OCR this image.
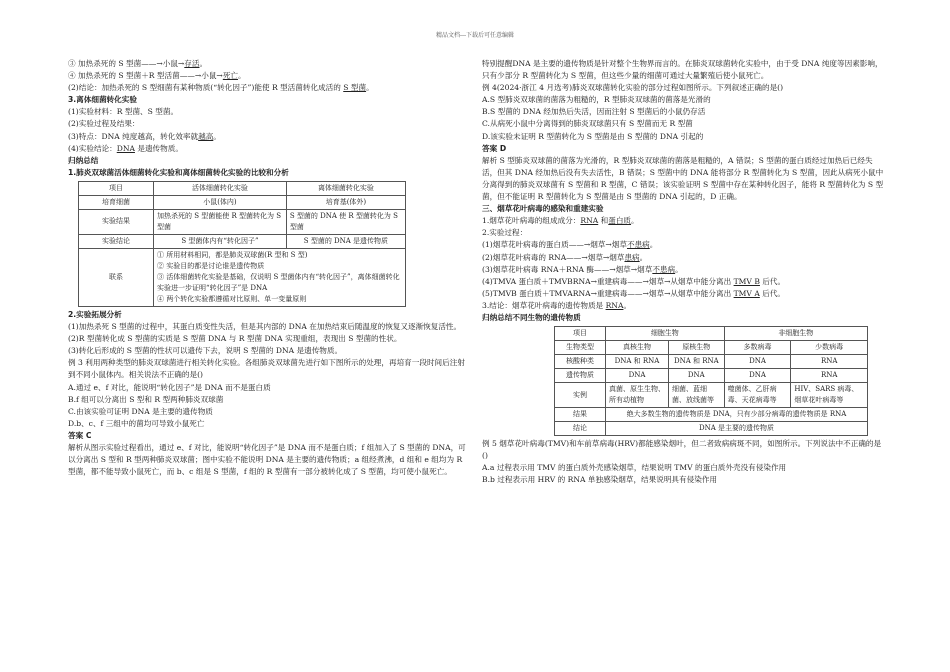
精品文档---下载后可任意编辑

③ 加热杀死的 S 型菌——→小鼠→存活。

④ 加热杀死的 S 型菌＋R 型活菌——→小鼠→死亡。

(2)结论：加热杀死的 S 型细菌有某种物质(“转化因子”)能使 R 型活菌转化成活的 S 型菌。

3.离体细菌转化实验

(1)实验材料：R 型菌、S 型菌。

(2)实验过程及结果：

(3)特点：DNA 纯度越高，转化效率就越高。

(4)实验结论：DNA 是遗传物质。

归纳总结

1.肺炎双球菌活体细菌转化实验和离体细菌转化实验的比较和分析

项目	活体细菌转化实验	离体细菌转化实验
培育细菌	小鼠(体内)	培育基(体外)
实验结果	加热杀死的 S 型菌能使 R 型菌转化为 S 型菌	S 型菌的 DNA 使 R 型菌转化为 S 型菌
实验结论	S 型菌体内有“转化因子”	S 型菌的 DNA 是遗传物质
联系	① 所用材料相同，都是肺炎双球菌(R 型和 S 型)
② 实验目的都是讨论谁是遗传物质
③ 活体细菌转化实验是基础，仅说明 S 型菌体内有“转化因子”，离体细菌转化实验进一步证明“转化因子”是 DNA
④ 两个转化实验都遵循对比原则、单一变量原则	

2.实验拓展分析

(1)加热杀死 S 型菌的过程中，其蛋白质变性失活，但是其内部的 DNA 在加热结束后随温度的恢复又逐渐恢复活性。

(2)R 型菌转化成 S 型菌的实质是 S 型菌 DNA 与 R 型菌 DNA 实现重组，表现出 S 型菌的性状。

(3)转化后形成的 S 型菌的性状可以遗传下去，说明 S 型菌的 DNA 是遗传物质。

例 3 利用两种类型的肺炎双球菌进行相关转化实验。各组肺炎双球菌先进行如下图所示的处理，再培育一段时间后注射到不同小鼠体内。相关说法不正确的是()

A.通过 e、f 对比，能说明“转化因子”是 DNA 而不是蛋白质

B.f 组可以分离出 S 型和 R 型两种肺炎双球菌

C.由该实验可证明 DNA 是主要的遗传物质

D.b、c、f 三组中的菌均可导致小鼠死亡

答案 C

解析从图示实验过程看出，通过 e、f 对比，能说明“转化因子”是 DNA 而不是蛋白质；f 组加入了 S 型菌的 DNA，可以分离出 S 型和 R 型两种肺炎双球菌；图中实验不能说明 DNA 是主要的遗传物质；a 组经煮沸，d 组和 e 组均为 R 型菌，都不能导致小鼠死亡，而 b、c 组是 S 型菌，f 组的 R 型菌有一部分被转化成了 S 型菌，均可使小鼠死亡。

特别提醒DNA 是主要的遗传物质是针对整个生物界而言的。在肺炎双球菌转化实验中，由于受 DNA 纯度等因素影响，只有少部分 R 型菌转化为 S 型菌，但这些少量的细菌可通过大量繁殖后使小鼠死亡。

例 4(2024·浙江 4 月选考)肺炎双球菌转化实验的部分过程如图所示。下列叙述正确的是()

A.S 型肺炎双球菌的菌落为粗糙的，R 型肺炎双球菌的菌落是光滑的

B.S 型菌的 DNA 经加热后失活，因而注射 S 型菌后的小鼠仍存活

C.从病死小鼠中分离得到的肺炎双球菌只有 S 型菌而无 R 型菌

D.该实验未证明 R 型菌转化为 S 型菌是由 S 型菌的 DNA 引起的

答案 D

解析 S 型肺炎双球菌的菌落为光滑的，R 型肺炎双球菌的菌落是粗糙的，A 错误；S 型菌的蛋白质经过加热后已经失活，但其 DNA 经加热后没有失去活性，B 错误；S 型菌中的 DNA 能将部分 R 型菌转化为 S 型菌，因此从病死小鼠中分离得到的肺炎双球菌有 S 型菌和 R 型菌，C 错误；该实验证明 S 型菌中存在某种转化因子，能将 R 型菌转化为 S 型菌，但不能证明 R 型菌转化为 S 型菌是由 S 型菌的 DNA 引起的，D 正确。

三、烟草花叶病毒的感染和重建实验

1.烟草花叶病毒的组成成分：RNA 和蛋白质。

2.实验过程：

(1)烟草花叶病毒的蛋白质——→烟草→烟草不患病。

(2)烟草花叶病毒的 RNA——→烟草→烟草患病。

(3)烟草花叶病毒 RNA＋RNA 酶——→烟草→烟草不患病。

(4)TMVA 蛋白质＋TMVBRNA→重建病毒——→烟草→从烟草中能分离出 TMV B 后代。

(5)TMVB 蛋白质＋TMVARNA→重建病毒——→烟草→从烟草中能分离出 TMV A 后代。

3.结论：烟草花叶病毒的遗传物质是 RNA。

归纳总结不同生物的遗传物质

项目	细胞生物		非细胞生物	
生物类型	真核生物	原核生物	多数病毒	少数病毒
核酸种类	DNA 和 RNA	DNA 和 RNA	DNA	RNA
遗传物质	DNA	DNA	DNA	RNA
实例	真菌、原生生物、所有动植物	细菌、蓝细菌、放线菌等	噬菌体、乙肝病毒、天花病毒等	HIV、SARS 病毒、烟草花叶病毒等
结果	绝大多数生物的遗传物质是 DNA，只有少部分病毒的遗传物质是 RNA			
结论	DNA 是主要的遗传物质			

例 5 烟草花叶病毒(TMV)和车前草病毒(HRV)都能感染烟叶，但二者致病病斑不同，如图所示。下列说法中不正确的是()

A.a 过程表示用 TMV 的蛋白质外壳感染烟草，结果说明 TMV 的蛋白质外壳没有侵染作用

B.b 过程表示用 HRV 的 RNA 单独感染烟草，结果说明具有侵染作用
